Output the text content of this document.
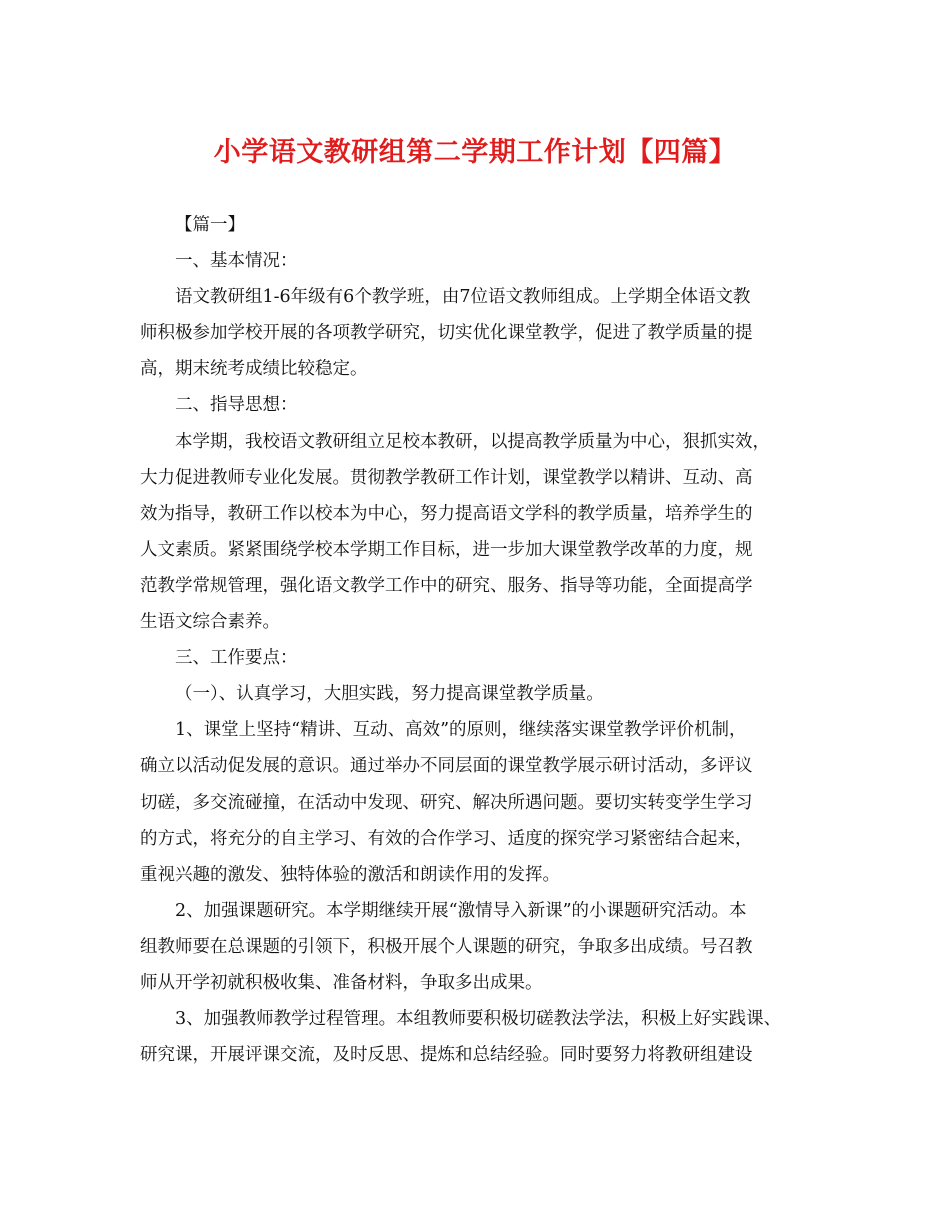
小学语文教研组第二学期工作计划【四篇】
【篇一】
一、基本情况：
语文教研组1-6年级有6个教学班，由7位语文教师组成。上学期全体语文教
师积极参加学校开展的各项教学研究，切实优化课堂教学，促进了教学质量的提
高，期末统考成绩比较稳定。
二、指导思想：
本学期，我校语文教研组立足校本教研，以提高教学质量为中心，狠抓实效，
大力促进教师专业化发展。贯彻教学教研工作计划，课堂教学以精讲、互动、高
效为指导，教研工作以校本为中心，努力提高语文学科的教学质量，培养学生的
人文素质。紧紧围绕学校本学期工作目标，进一步加大课堂教学改革的力度，规
范教学常规管理，强化语文教学工作中的研究、服务、指导等功能，全面提高学
生语文综合素养。
三、工作要点：
（一）、认真学习，大胆实践，努力提高课堂教学质量。
1、课堂上坚持“精讲、互动、高效”的原则，继续落实课堂教学评价机制，
确立以活动促发展的意识。通过举办不同层面的课堂教学展示研讨活动，多评议
切磋，多交流碰撞，在活动中发现、研究、解决所遇问题。要切实转变学生学习
的方式，将充分的自主学习、有效的合作学习、适度的探究学习紧密结合起来，
重视兴趣的激发、独特体验的激活和朗读作用的发挥。
2、加强课题研究。本学期继续开展“激情导入新课”的小课题研究活动。本
组教师要在总课题的引领下，积极开展个人课题的研究，争取多出成绩。号召教
师从开学初就积极收集、准备材料，争取多出成果。
3、加强教师教学过程管理。本组教师要积极切磋教法学法，积极上好实践课、
研究课，开展评课交流，及时反思、提炼和总结经验。同时要努力将教研组建设
